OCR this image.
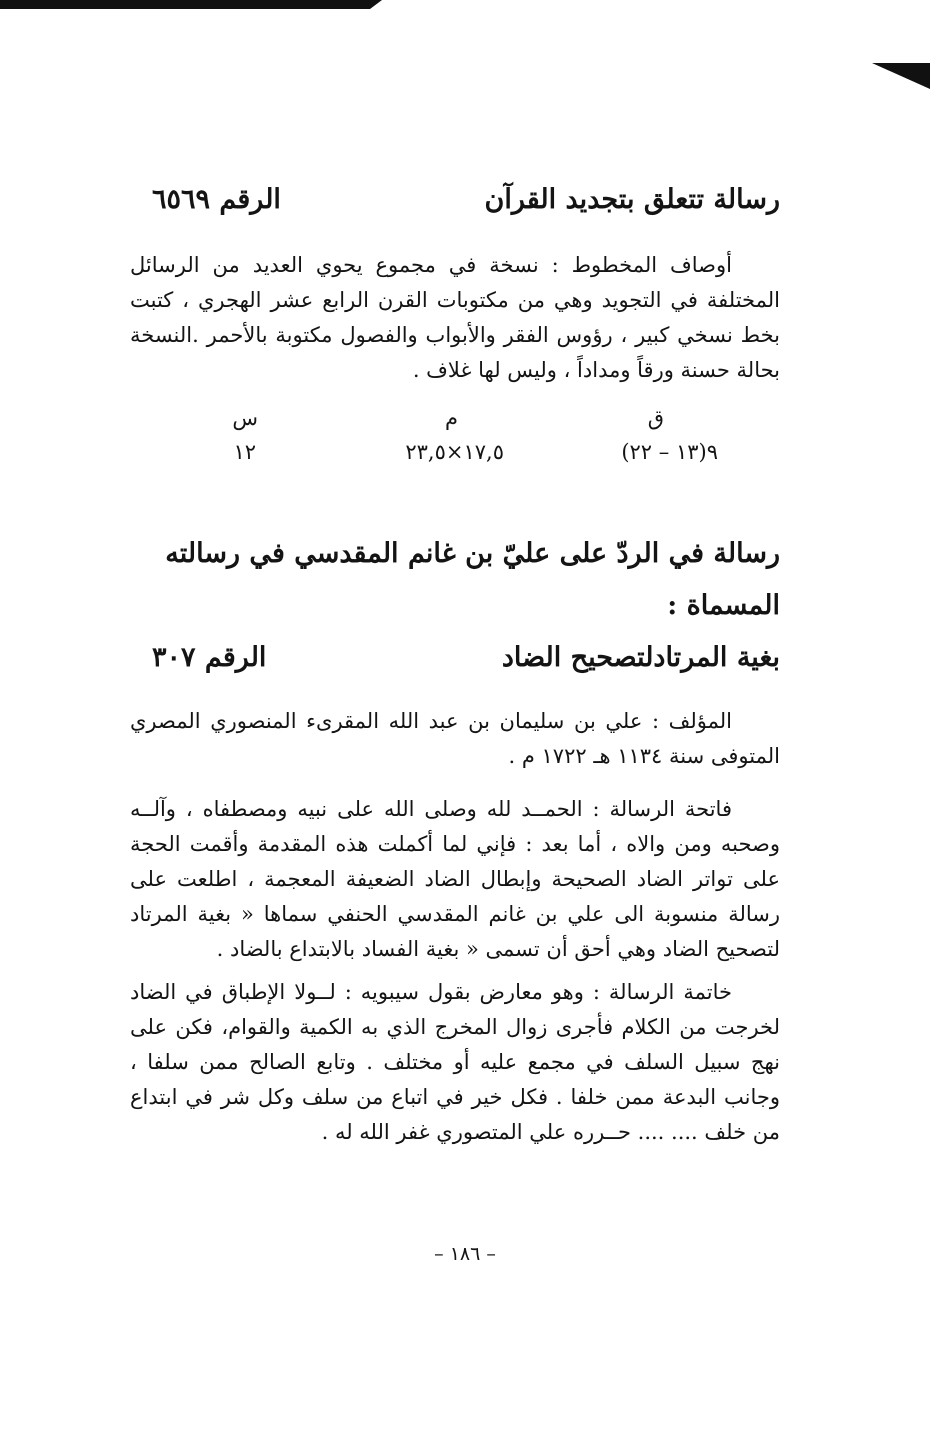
رسالة تتعلق بتجديد القرآن
الرقم ٦٥٦٩

أوصاف المخطوط : نسخة في مجموع يحوي العديد من الرسائل المختلفة في التجويد وهي من مكتوبات القرن الرابع عشر الهجري ، كتبت بخط نسخي كبير ، رؤوس الفقر والأبواب والفصول مكتوبة بالأحمر .النسخة بحالة حسنة ورقاً ومداداً ، وليس لها غلاف .

ق
م
س
٩(١٣ – ٢٢)
١٧,٥×٢٣,٥
١٢
رسالة في الردّ على عليّ بن غانم المقدسي في رسالته المسماة :
بغية المرتادلتصحيح الضاد
الرقم ٣٠٧

المؤلف : علي بن سليمان بن عبد الله المقرىء المنصوري المصري المتوفى سنة ١١٣٤ هـ ١٧٢٢ م .

فاتحة الرسالة : الحمــد لله وصلى الله على نبيه ومصطفاه ، وآلــه وصحبه ومن والاه ، أما بعد : فإني لما أكملت هذه المقدمة وأقمت الحجة على تواتر الضاد الصحيحة وإبطال الضاد الضعيفة المعجمة ، اطلعت على رسالة منسوبة الى علي بن غانم المقدسي الحنفي سماها « بغية المرتاد لتصحيح الضاد وهي أحق أن تسمى « بغية الفساد بالابتداع بالضاد .

خاتمة الرسالة : وهو معارض بقول سيبويه : لــولا الإطباق في الضاد لخرجت من الكلام فأجرى زوال المخرج الذي به الكمية والقوام، فكن على نهج سبيل السلف في مجمع عليه أو مختلف . وتابع الصالح ممن سلفا ، وجانب البدعة ممن خلفا . فكل خير في اتباع من سلف وكل شر في ابتداع من خلف .... .... حــرره علي المتصوري غفر الله له .

– ١٨٦ –
